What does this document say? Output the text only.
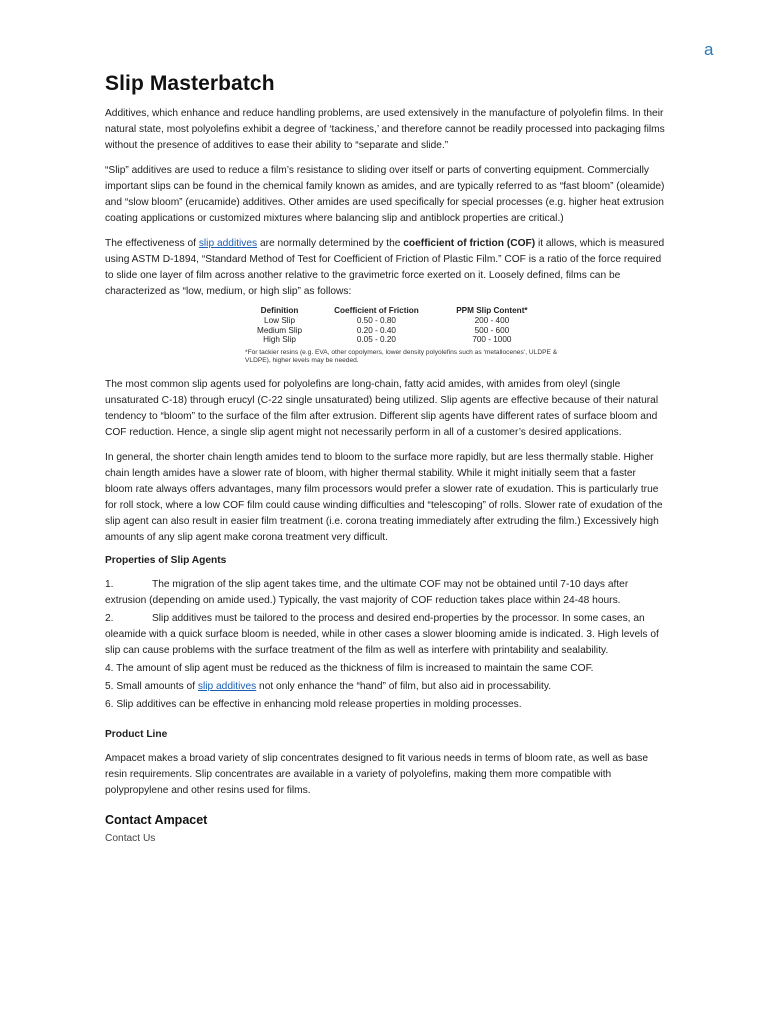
a
Slip Masterbatch

Additives, which enhance and reduce handling problems, are used extensively in the manufacture of polyolefin films. In their natural state, most polyolefins exhibit a degree of ‘tackiness,’ and therefore cannot be readily processed into packaging films without the presence of additives to ease their ability to “separate and slide.”

“Slip” additives are used to reduce a film’s resistance to sliding over itself or parts of converting equipment. Commercially important slips can be found in the chemical family known as amides, and are typically referred to as “fast bloom” (oleamide) and “slow bloom” (erucamide) additives. Other amides are used specifically for special processes (e.g. higher heat extrusion coating applications or customized mixtures where balancing slip and antiblock properties are critical.)

The effectiveness of slip additives are normally determined by the coefficient of friction (COF) it allows, which is measured using ASTM D-1894, “Standard Method of Test for Coefficient of Friction of Plastic Film.” COF is a ratio of the force required to slide one layer of film across another relative to the gravimetric force exerted on it. Loosely defined, films can be characterized as “low, medium, or high slip” as follows:

Definition	Coefficient of Friction	PPM Slip Content*
Low Slip	0.50 - 0.80	200 - 400
Medium Slip	0.20 - 0.40	500 - 600
High Slip	0.05 - 0.20	700 - 1000
*For tackier resins (e.g. EVA, other copolymers, lower density polyolefins such as ‘metallocenes’, ULDPE & VLDPE), higher levels may be needed.

The most common slip agents used for polyolefins are long-chain, fatty acid amides, with amides from oleyl (single unsaturated C-18) through erucyl (C-22 single unsaturated) being utilized. Slip agents are effective because of their natural tendency to “bloom” to the surface of the film after extrusion. Different slip agents have different rates of surface bloom and COF reduction. Hence, a single slip agent might not necessarily perform in all of a customer’s desired applications.

In general, the shorter chain length amides tend to bloom to the surface more rapidly, but are less thermally stable. Higher chain length amides have a slower rate of bloom, with higher thermal stability. While it might initially seem that a faster bloom rate always offers advantages, many film processors would prefer a slower rate of exudation. This is particularly true for roll stock, where a low COF film could cause winding difficulties and “telescoping” of rolls. Slower rate of exudation of the slip agent can also result in easier film treatment (i.e. corona treating immediately after extruding the film.) Excessively high amounts of any slip agent make corona treatment very difficult.

Properties of Slip Agents
1.	The migration of the slip agent takes time, and the ultimate COF may not be obtained until 7-10 days after extrusion (depending on amide used.) Typically, the vast majority of COF reduction takes place within 24-48 hours.
2.	Slip additives must be tailored to the process and desired end-properties by the processor. In some cases, an oleamide with a quick surface bloom is needed, while in other cases a slower blooming amide is indicated. 3. High levels of slip can cause problems with the surface treatment of the film as well as interfere with printability and sealability.
4. The amount of slip agent must be reduced as the thickness of film is increased to maintain the same COF.
5. Small amounts of slip additives not only enhance the “hand” of film, but also aid in processability.
6. Slip additives can be effective in enhancing mold release properties in molding processes.
Product Line

Ampacet makes a broad variety of slip concentrates designed to fit various needs in terms of bloom rate, as well as base resin requirements. Slip concentrates are available in a variety of polyolefins, making them more compatible with polypropylene and other resins used for films.

Contact Ampacet
Contact Us
